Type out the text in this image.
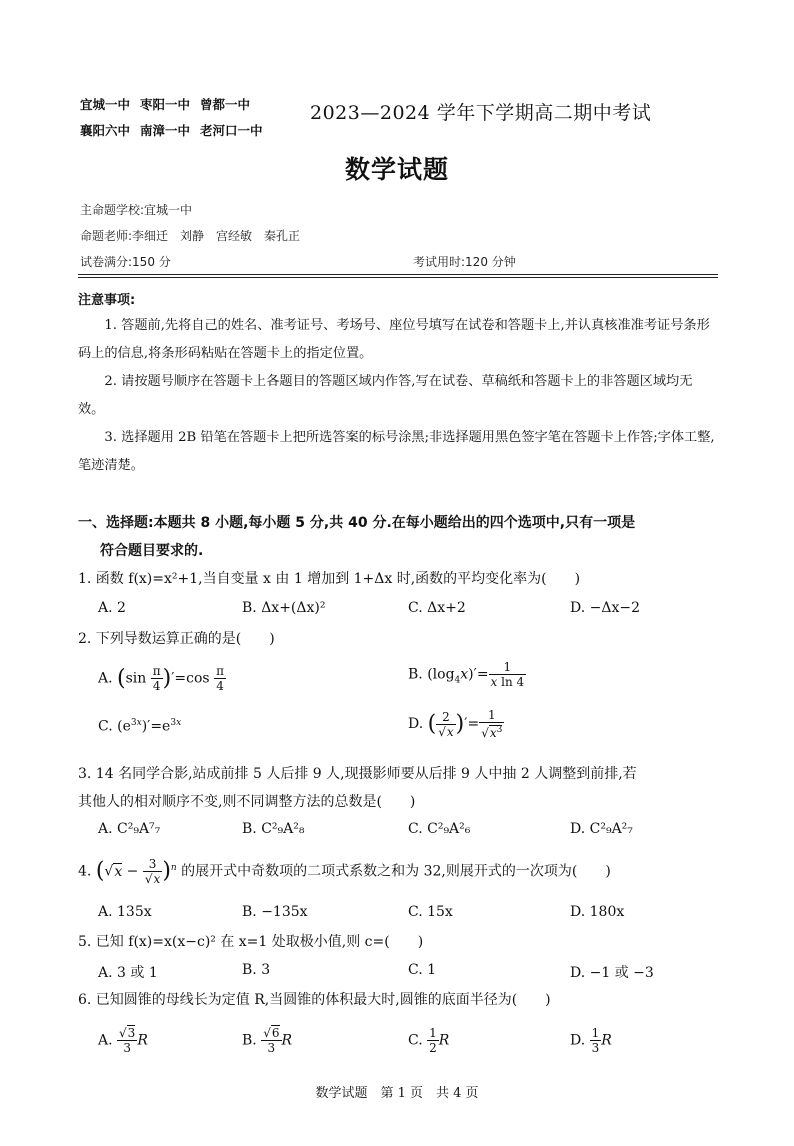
宜城一中 枣阳一中 曾都一中
襄阳六中 南漳一中 老河口一中
2023—2024 学年下学期高二期中考试
数学试题
主命题学校:宜城一中
命题老师:李细迁　刘静　宫经敏　秦孔正
试卷满分:150 分	考试用时:120 分钟
注意事项:
1. 答题前,先将自己的姓名、准考证号、考场号、座位号填写在试卷和答题卡上,并认真核准准考证号条形码上的信息,将条形码粘贴在答题卡上的指定位置。
2. 请按题号顺序在答题卡上各题目的答题区域内作答,写在试卷、草稿纸和答题卡上的非答题区域均无效。
3. 选择题用 2B 铅笔在答题卡上把所选答案的标号涂黑;非选择题用黑色签字笔在答题卡上作答;字体工整,笔迹清楚。
一、选择题:本题共 8 小题,每小题 5 分,共 40 分.在每小题给出的四个选项中,只有一项是
符合题目要求的.
1. 函数 f(x)=x²+1,当自变量 x 由 1 增加到 1+Δx 时,函数的平均变化率为(　　)
A. 2	B. Δx+(Δx)²	C. Δx+2	D. −Δx−2
2. 下列导数运算正确的是(　　)
A. $(\sin \frac{\pi}{4} )'=\cos \frac{\pi}{4}$	B. $(\log_4x)'= \frac{1}{\text{x ln 4}}$
C. $(e^{3x})'=e^{3x}$	D. ( $\frac{2}{√x}$ )′= $\frac{1}{√x^3}$
3. 14 名同学合影,站成前排 5 人后排 9 人,现摄影师要从后排 9 人中抽 2 人调整到前排,若
其他人的相对顺序不变,则不同调整方法的总数是(　　)
A. C²₉A⁷₇	B. C²₉A²₈	C. C²₉A²₆	D. C²₉A²₇
4. $(√x - \frac{3}{√x} )^n$ 的展开式中奇数项的二项式系数之和为 32,则展开式的一次项为(　　)
A. 135x	B. −135x	C. 15x	D. 180x
5. 已知 f(x)=x(x−c)² 在 x=1 处取极小值,则 c=(　　)
A. 3 或 1	B. 3	C. 1	D. −1 或 −3
6. 已知圆锥的母线长为定值 R,当圆锥的体积最大时,圆锥的底面半径为(　　)
A. $\frac{√3}{3}$ R	B. $\frac{√6}{3}$ R	C. $\frac{1}{2}$ R	D. $\frac{1}{3}$ R
数学试题　第 1 页　共 4 页
